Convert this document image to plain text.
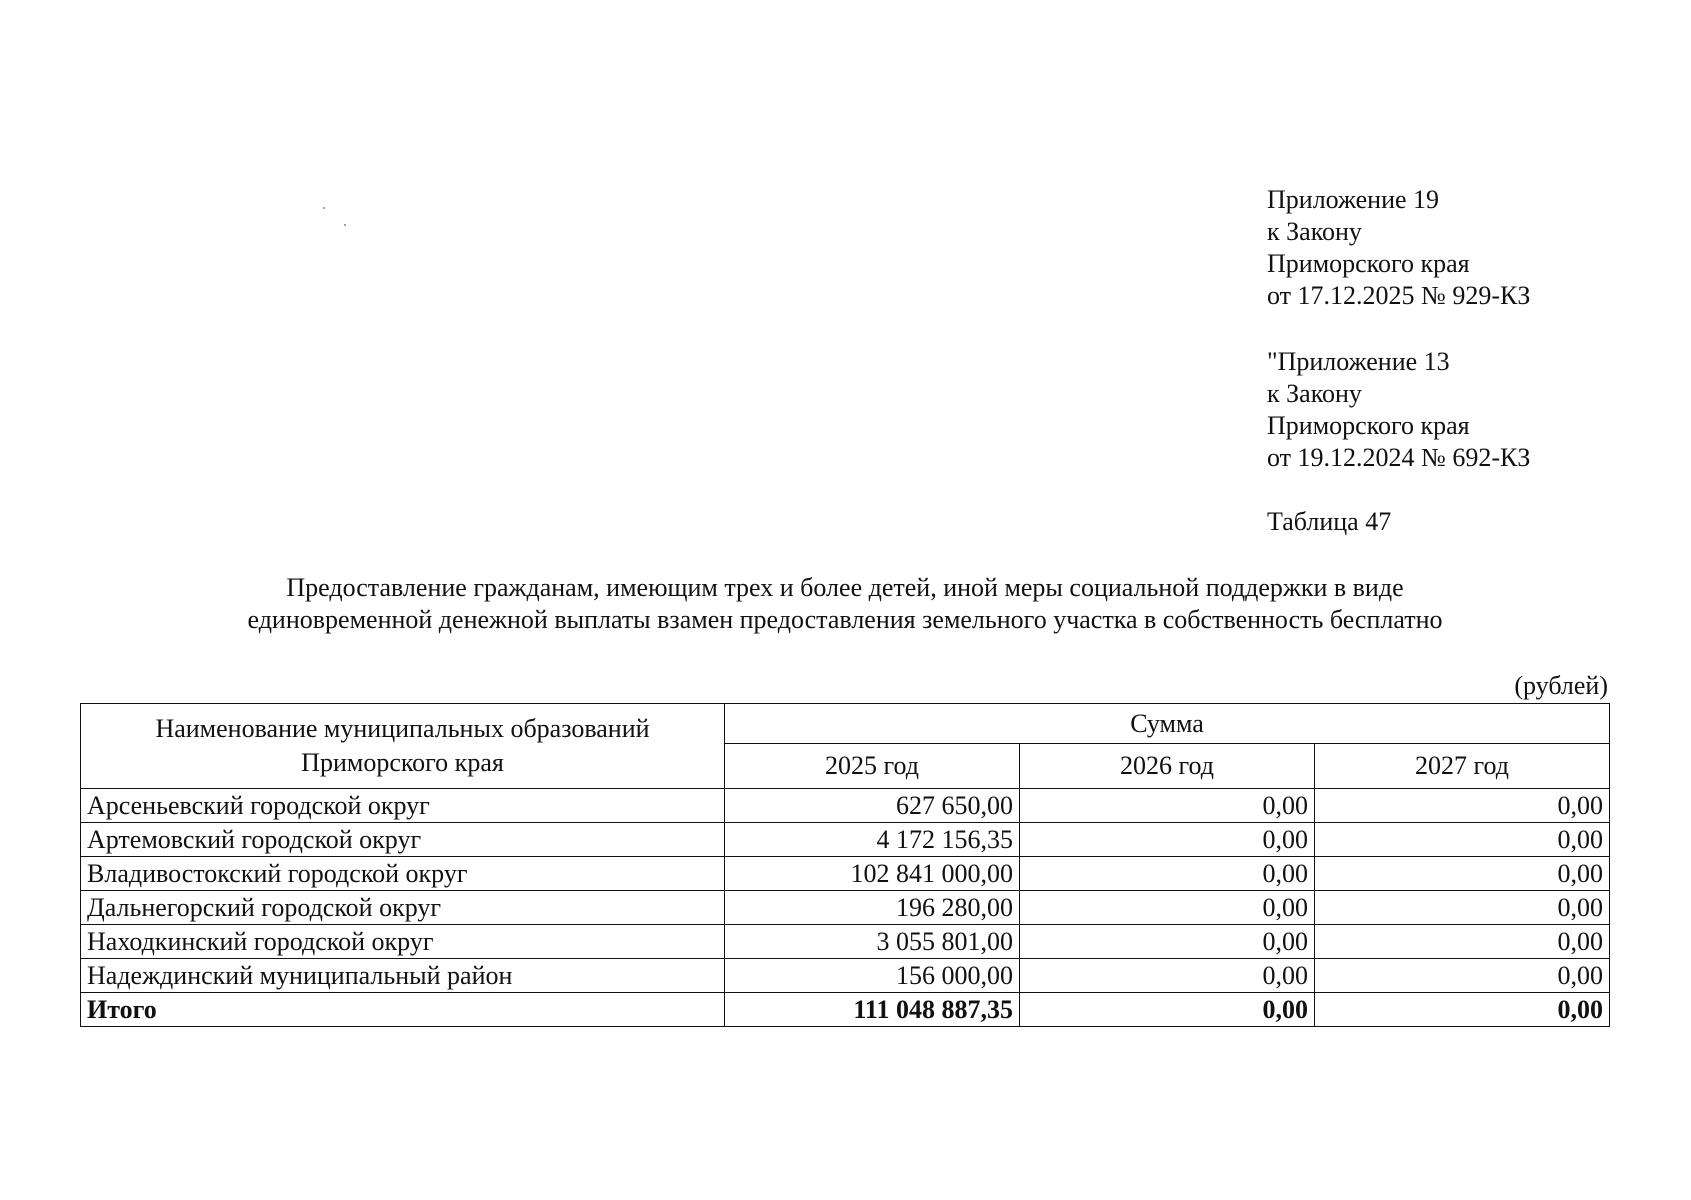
Приложение 19
к Закону
Приморского края
от 17.12.2025 № 929-КЗ
"Приложение 13
к Закону
Приморского края
от 19.12.2024 № 692-КЗ
Таблица 47
Предоставление гражданам, имеющим трех и более детей, иной меры социальной поддержки в виде
единовременной денежной выплаты взамен предоставления земельного участка в собственность бесплатно
(рублей)
Наименование муниципальных образований
Приморского края	Сумма		
	2025 год	2026 год	2027 год
Арсеньевский городской округ	627 650,00	0,00	0,00
Артемовский городской округ	4 172 156,35	0,00	0,00
Владивостокский городской округ	102 841 000,00	0,00	0,00
Дальнегорский городской округ	196 280,00	0,00	0,00
Находкинский городской округ	3 055 801,00	0,00	0,00
Надеждинский муниципальный район	156 000,00	0,00	0,00
Итого	111 048 887,35	0,00	0,00
